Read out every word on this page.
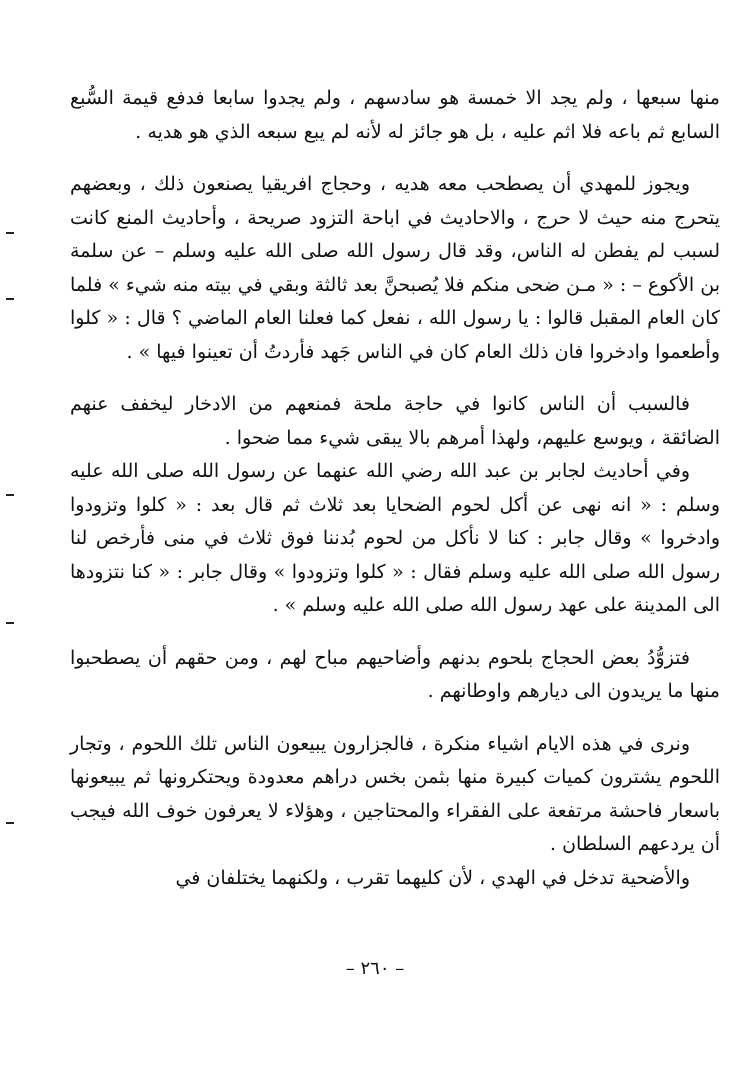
منها سبعها ، ولم يجد الا خمسة هو سادسهم ، ولم يجدوا سابعا فدفع قيمة السُّبع السابع ثم باعه فلا اثم عليه ، بل هو جائز له لأنه لم يبع سبعه الذي هو هديه .

ويجوز للمهدي أن يصطحب معه هديه ، وحجاج افريقيا يصنعون ذلك ، وبعضهم يتحرج منه حيث لا حرج ، والاحاديث في اباحة التزود صريحة ، وأحاديث المنع كانت لسبب لم يفطن له الناس، وقد قال رسول الله صلى الله عليه وسلم – عن سلمة بن الأكوع – : « مـن ضحى منكم فلا يُصبحنَّ بعد ثالثة وبقي في بيته منه شيء » فلما كان العام المقبل قالوا : يا رسول الله ، نفعل كما فعلنا العام الماضي ؟ قال : « كلوا وأطعموا وادخروا فان ذلك العام كان في الناس جَهد فأردتُ أن تعينوا فيها » .

فالسبب أن الناس كانوا في حاجة ملحة فمنعهم من الادخار ليخفف عنهم الضائقة ، ويوسع عليهم، ولهذا أمرهم بالا يبقى شيء مما ضحوا .

وفي أحاديث لجابر بن عبد الله رضي الله عنهما عن رسول الله صلى الله عليه وسلم : « انه نهى عن أكل لحوم الضحايا بعد ثلاث ثم قال بعد : « كلوا وتزودوا وادخروا » وقال جابر : كنا لا نأكل من لحوم بُدننا فوق ثلاث في منى فأرخص لنا رسول الله صلى الله عليه وسلم فقال : « كلوا وتزودوا » وقال جابر : « كنا نتزودها الى المدينة على عهد رسول الله صلى الله عليه وسلم » .

فتزوُّدُ بعض الحجاج بلحوم بدنهم وأضاحيهم مباح لهم ، ومن حقهم أن يصطحبوا منها ما يريدون الى ديارهم واوطانهم .

ونرى في هذه الايام اشياء منكرة ، فالجزارون يبيعون الناس تلك اللحوم ، وتجار اللحوم يشترون كميات كبيرة منها بثمن بخس دراهم معدودة ويحتكرونها ثم يبيعونها باسعار فاحشة مرتفعة على الفقراء والمحتاجين ، وهؤلاء لا يعرفون خوف الله فيجب أن يردعهم السلطان .

والأضحية تدخل في الهدي ، لأن كليهما تقرب ، ولكنهما يختلفان في

– ٢٦٠ –
